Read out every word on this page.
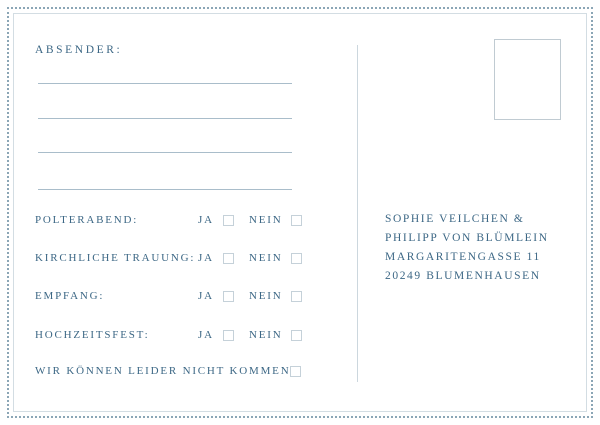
ABSENDER:
POLTERABEND:	JA	NEIN
KIRCHLICHE TRAUUNG: JA	NEIN
EMPFANG:	JA	NEIN
HOCHZEITSFEST:	JA	NEIN
WIR KÖNNEN LEIDER NICHT KOMMEN
SOPHIE VEILCHEN &
PHILIPP VON BLÜMLEIN
MARGARITENGASSE 11
20249 BLUMENHAUSEN
